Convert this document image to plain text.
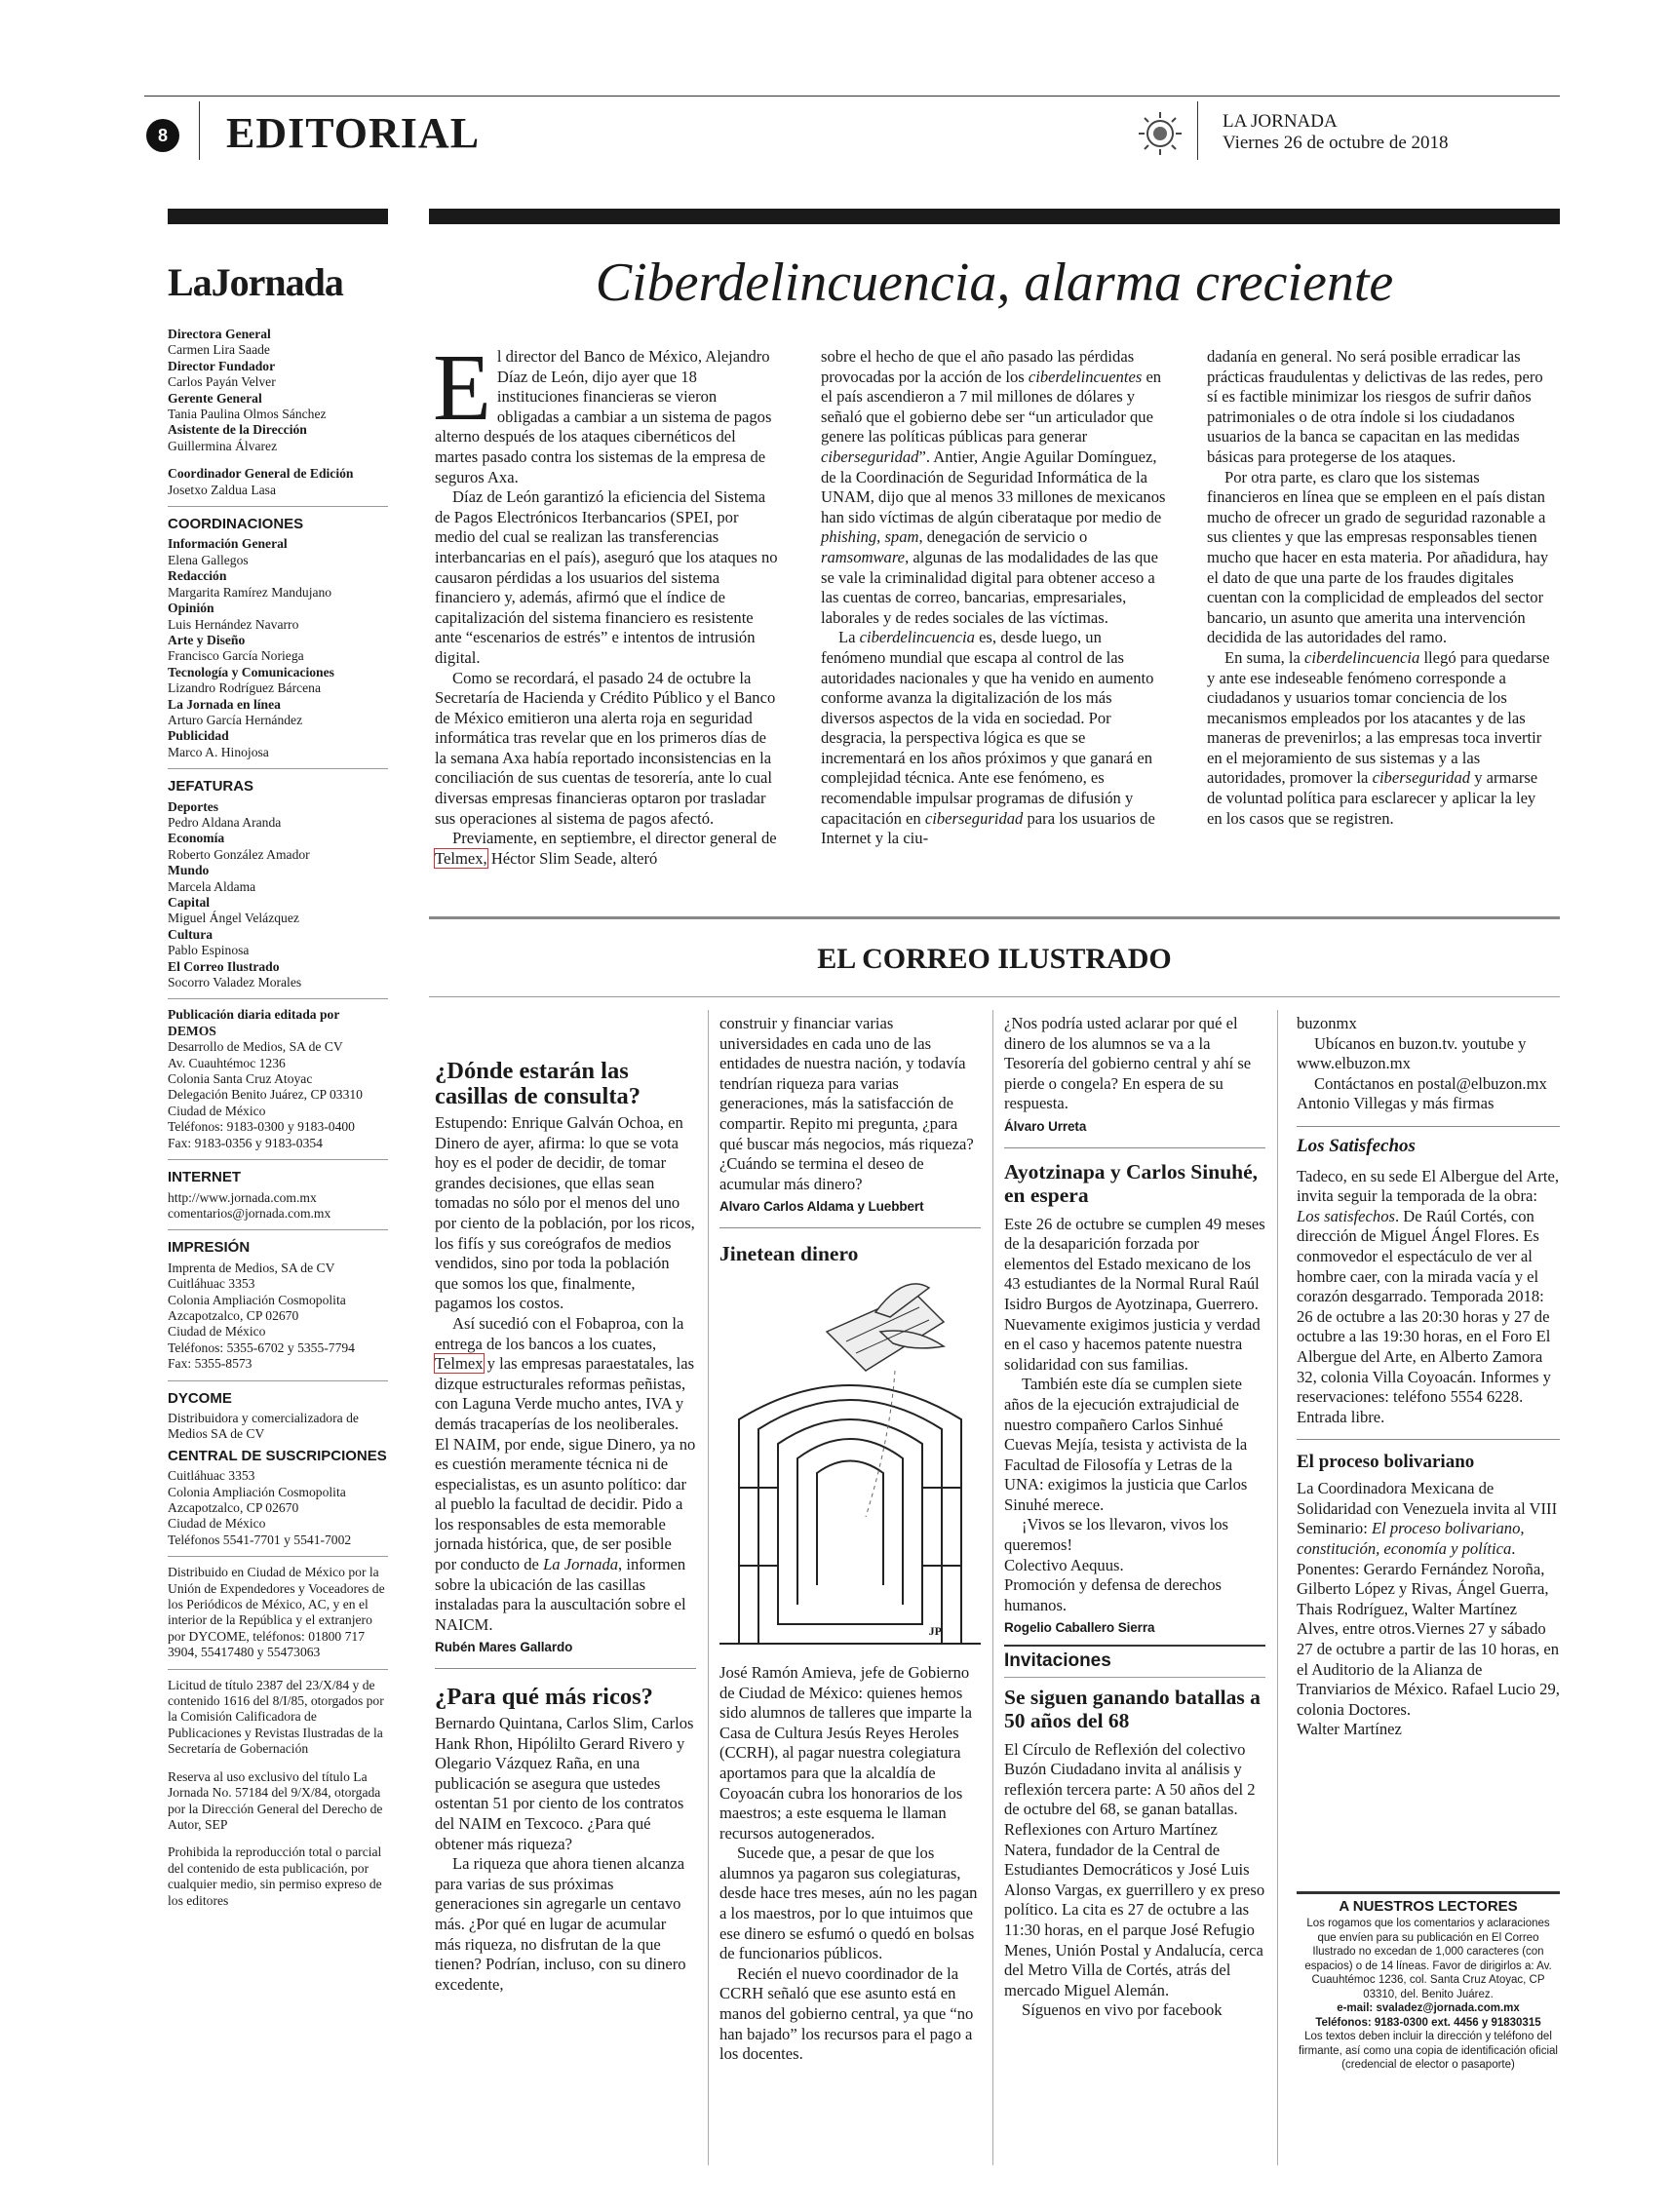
8 EDITORIAL	LA JORNADA
Viernes 26 de octubre de 2018
LaJornada
Directora General
Carmen Lira Saade
Director Fundador
Carlos Payán Velver
Gerente General
Tania Paulina Olmos Sánchez
Asistente de la Dirección
Guillermina Álvarez
Coordinador General de Edición
Josetxo Zaldua Lasa
COORDINACIONES
Información General
Elena Gallegos
Redacción
Margarita Ramírez Mandujano
Opinión
Luis Hernández Navarro
Arte y Diseño
Francisco García Noriega
Tecnología y Comunicaciones
Lizandro Rodríguez Bárcena
La Jornada en línea
Arturo García Hernández
Publicidad
Marco A. Hinojosa
JEFATURAS
Deportes
Pedro Aldana Aranda
Economía
Roberto González Amador
Mundo
Marcela Aldama
Capital
Miguel Ángel Velázquez
Cultura
Pablo Espinosa
El Correo Ilustrado
Socorro Valadez Morales
Publicación diaria editada por DEMOS
Desarrollo de Medios, SA de CV
Av. Cuauhtémoc 1236
Colonia Santa Cruz Atoyac
Delegación Benito Juárez, CP 03310
Ciudad de México
Teléfonos: 9183-0300 y 9183-0400
Fax: 9183-0356 y 9183-0354
INTERNET
http://www.jornada.com.mx
comentarios@jornada.com.mx
IMPRESIÓN
Imprenta de Medios, SA de CV
Cuitláhuac 3353
Colonia Ampliación Cosmopolita
Azcapotzalco, CP 02670
Ciudad de México
Teléfonos: 5355-6702 y 5355-7794
Fax: 5355-8573
DYCOME
Distribuidora y comercializadora de Medios SA de CV
CENTRAL DE SUSCRIPCIONES
Cuitláhuac 3353
Colonia Ampliación Cosmopolita
Azcapotzalco, CP 02670
Ciudad de México
Teléfonos 5541-7701 y 5541-7002
Distribuido en Ciudad de México por la Unión de Expendedores y Voceadores de los Periódicos de México, AC, y en el interior de la República y el extranjero por DYCOME, teléfonos: 01800 717 3904, 55417480 y 55473063
Licitud de título 2387 del 23/X/84 y de contenido 1616 del 8/I/85, otorgados por la Comisión Calificadora de Publicaciones y Revistas Ilustradas de la Secretaría de Gobernación
Reserva al uso exclusivo del título La Jornada No. 57184 del 9/X/84, otorgada por la Dirección General del Derecho de Autor, SEP
Prohibida la reproducción total o parcial del contenido de esta publicación, por cualquier medio, sin permiso expreso de los editores
Ciberdelincuencia, alarma creciente
E l director del Banco de México, Alejandro Díaz de León, dijo ayer que 18 instituciones financieras se vieron obligadas a cambiar a un sistema de pagos alterno después de los ataques cibernéticos del martes pasado contra los sistemas de la empresa de seguros Axa.

Díaz de León garantizó la eficiencia del Sistema de Pagos Electrónicos Iterbancarios (SPEI, por medio del cual se realizan las transferencias interbancarias en el país), aseguró que los ataques no causaron pérdidas a los usuarios del sistema financiero y, además, afirmó que el índice de capitalización del sistema financiero es resistente ante “escenarios de estrés” e intentos de intrusión digital.

Como se recordará, el pasado 24 de octubre la Secretaría de Hacienda y Crédito Público y el Banco de México emitieron una alerta roja en seguridad informática tras revelar que en los primeros días de la semana Axa había reportado inconsistencias en la conciliación de sus cuentas de tesorería, ante lo cual diversas empresas financieras optaron por trasladar sus operaciones al sistema de pagos afectó.

Previamente, en septiembre, el director general de Telmex, Héctor Slim Seade, alteró

sobre el hecho de que el año pasado las pérdidas provocadas por la acción de los ciberdelincuentes en el país ascendieron a 7 mil millones de dólares y señaló que el gobierno debe ser “un articulador que genere las políticas públicas para generar ciberseguridad”. Antier, Angie Aguilar Domínguez, de la Coordinación de Seguridad Informática de la UNAM, dijo que al menos 33 millones de mexicanos han sido víctimas de algún ciberataque por medio de phishing, spam, denegación de servicio o ramsomware, algunas de las modalidades de las que se vale la criminalidad digital para obtener acceso a las cuentas de correo, bancarias, empresariales, laborales y de redes sociales de las víctimas.

La ciberdelincuencia es, desde luego, un fenómeno mundial que escapa al control de las autoridades nacionales y que ha venido en aumento conforme avanza la digitalización de los más diversos aspectos de la vida en sociedad. Por desgracia, la perspectiva lógica es que se incrementará en los años próximos y que ganará en complejidad técnica. Ante ese fenómeno, es recomendable impulsar programas de difusión y capacitación en ciberseguridad para los usuarios de Internet y la ciu-

dadanía en general. No será posible erradicar las prácticas fraudulentas y delictivas de las redes, pero sí es factible minimizar los riesgos de sufrir daños patrimoniales o de otra índole si los ciudadanos usuarios de la banca se capacitan en las medidas básicas para protegerse de los ataques.

Por otra parte, es claro que los sistemas financieros en línea que se empleen en el país distan mucho de ofrecer un grado de seguridad razonable a sus clientes y que las empresas responsables tienen mucho que hacer en esta materia. Por añadidura, hay el dato de que una parte de los fraudes digitales cuentan con la complicidad de empleados del sector bancario, un asunto que amerita una intervención decidida de las autoridades del ramo.

En suma, la ciberdelincuencia llegó para quedarse y ante ese indeseable fenómeno corresponde a ciudadanos y usuarios tomar conciencia de los mecanismos empleados por los atacantes y de las maneras de prevenirlos; a las empresas toca invertir en el mejoramiento de sus sistemas y a las autoridades, promover la ciberseguridad y armarse de voluntad política para esclarecer y aplicar la ley en los casos que se registren.

EL CORREO ILUSTRADO
¿Dónde estarán las casillas de consulta?

Estupendo: Enrique Galván Ochoa, en Dinero de ayer, afirma: lo que se vota hoy es el poder de decidir, de tomar grandes decisiones, que ellas sean tomadas no sólo por el menos del uno por ciento de la población, por los ricos, los fifís y sus coreógrafos de medios vendidos, sino por toda la población que somos los que, finalmente, pagamos los costos.

Así sucedió con el Fobaproa, con la entrega de los bancos a los cuates, Telmex y las empresas paraestatales, las dizque estructurales reformas peñistas, con Laguna Verde mucho antes, IVA y demás tracaperías de los neoliberales. El NAIM, por ende, sigue Dinero, ya no es cuestión meramente técnica ni de especialistas, es un asunto político: dar al pueblo la facultad de decidir. Pido a los responsables de esta memorable jornada histórica, que, de ser posible por conducto de La Jornada, informen sobre la ubicación de las casillas instaladas para la auscultación sobre el NAICM.

Rubén Mares Gallardo
¿Para qué más ricos?

Bernardo Quintana, Carlos Slim, Carlos Hank Rhon, Hipólilto Gerard Rivero y Olegario Vázquez Raña, en una publicación se asegura que ustedes ostentan 51 por ciento de los contratos del NAIM en Texcoco. ¿Para qué obtener más riqueza?

La riqueza que ahora tienen alcanza para varias de sus próximas generaciones sin agregarle un centavo más. ¿Por qué en lugar de acumular más riqueza, no disfrutan de la que tienen? Podrían, incluso, con su dinero excedente,

construir y financiar varias universidades en cada uno de las entidades de nuestra nación, y todavía tendrían riqueza para varias generaciones, más la satisfacción de compartir. Repito mi pregunta, ¿para qué buscar más negocios, más riqueza?¿Cuándo se termina el deseo de acumular más dinero?

Alvaro Carlos Aldama y Luebbert
Jinetean dinero
JP

José Ramón Amieva, jefe de Gobierno de Ciudad de México: quienes hemos sido alumnos de talleres que imparte la Casa de Cultura Jesús Reyes Heroles (CCRH), al pagar nuestra colegiatura aportamos para que la alcaldía de Coyoacán cubra los honorarios de los maestros; a este esquema le llaman recursos autogenerados.

Sucede que, a pesar de que los alumnos ya pagaron sus colegiaturas, desde hace tres meses, aún no les pagan a los maestros, por lo que intuimos que ese dinero se esfumó o quedó en bolsas de funcionarios públicos.

Recién el nuevo coordinador de la CCRH señaló que ese asunto está en manos del gobierno central, ya que “no han bajado” los recursos para el pago a los docentes.

¿Nos podría usted aclarar por qué el dinero de los alumnos se va a la Tesorería del gobierno central y ahí se pierde o congela? En espera de su respuesta.

Álvaro Urreta
Ayotzinapa y Carlos Sinuhé, en espera

Este 26 de octubre se cumplen 49 meses de la desaparición forzada por elementos del Estado mexicano de los 43 estudiantes de la Normal Rural Raúl Isidro Burgos de Ayotzinapa, Guerrero. Nuevamente exigimos justicia y verdad en el caso y hacemos patente nuestra solidaridad con sus familias.

También este día se cumplen siete años de la ejecución extrajudicial de nuestro compañero Carlos Sinhué Cuevas Mejía, tesista y activista de la Facultad de Filosofía y Letras de la UNA: exigimos la justicia que Carlos Sinuhé merece.

¡Vivos se los llevaron, vivos los queremos!

Colectivo Aequus.

Promoción y defensa de derechos humanos.

Rogelio Caballero Sierra
Invitaciones
Se siguen ganando batallas a 50 años del 68

El Círculo de Reflexión del colectivo Buzón Ciudadano invita al análisis y reflexión tercera parte: A 50 años del 2 de octubre del 68, se ganan batallas. Reflexiones con Arturo Martínez Natera, fundador de la Central de Estudiantes Democráticos y José Luis Alonso Vargas, ex guerrillero y ex preso político. La cita es 27 de octubre a las 11:30 horas, en el parque José Refugio Menes, Unión Postal y Andalucía, cerca del Metro Villa de Cortés, atrás del mercado Miguel Alemán.

Síguenos en vivo por facebook

buzonmx

Ubícanos en buzon.tv. youtube y www.elbuzon.mx

Contáctanos en postal@elbuzon.mx

Antonio Villegas y más firmas

Los Satisfechos

Tadeco, en su sede El Albergue del Arte, invita seguir la temporada de la obra: Los satisfechos. De Raúl Cortés, con dirección de Miguel Ángel Flores. Es conmovedor el espectáculo de ver al hombre caer, con la mirada vacía y el corazón desgarrado. Temporada 2018: 26 de octubre a las 20:30 horas y 27 de octubre a las 19:30 horas, en el Foro El Albergue del Arte, en Alberto Zamora 32, colonia Villa Coyoacán. Informes y reservaciones: teléfono 5554 6228.

Entrada libre.

El proceso bolivariano

La Coordinadora Mexicana de Solidaridad con Venezuela invita al VIII Seminario: El proceso bolivariano, constitución, economía y política. Ponentes: Gerardo Fernández Noroña, Gilberto López y Rivas, Ángel Guerra, Thais Rodríguez, Walter Martínez Alves, entre otros.Viernes 27 y sábado 27 de octubre a partir de las 10 horas, en el Auditorio de la Alianza de Tranviarios de México. Rafael Lucio 29, colonia Doctores.

Walter Martínez

A NUESTROS LECTORES
Los rogamos que los comentarios y aclaraciones que envíen para su publicación en El Correo Ilustrado no excedan de 1,000 caracteres (con espacios) o de 14 líneas. Favor de dirigirlos a: Av. Cuauhtémoc 1236, col. Santa Cruz Atoyac, CP 03310, del. Benito Juárez.
e-mail: svaladez@jornada.com.mx
Teléfonos: 9183-0300 ext. 4456 y 91830315
Los textos deben incluir la dirección y teléfono del firmante, así como una copia de identificación oficial (credencial de elector o pasaporte)
